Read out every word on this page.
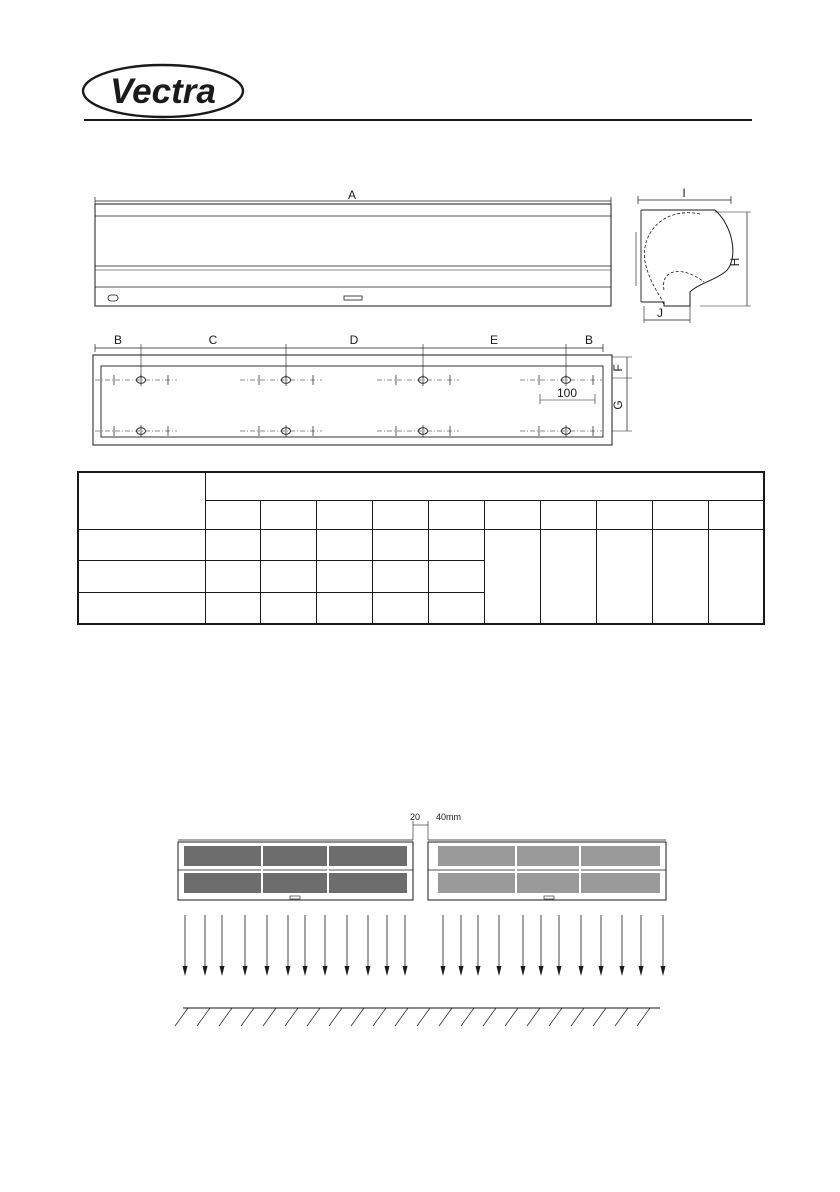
Vectra
A	I
H
J
B	C	D	E	B
F
G
100

20 40mm
